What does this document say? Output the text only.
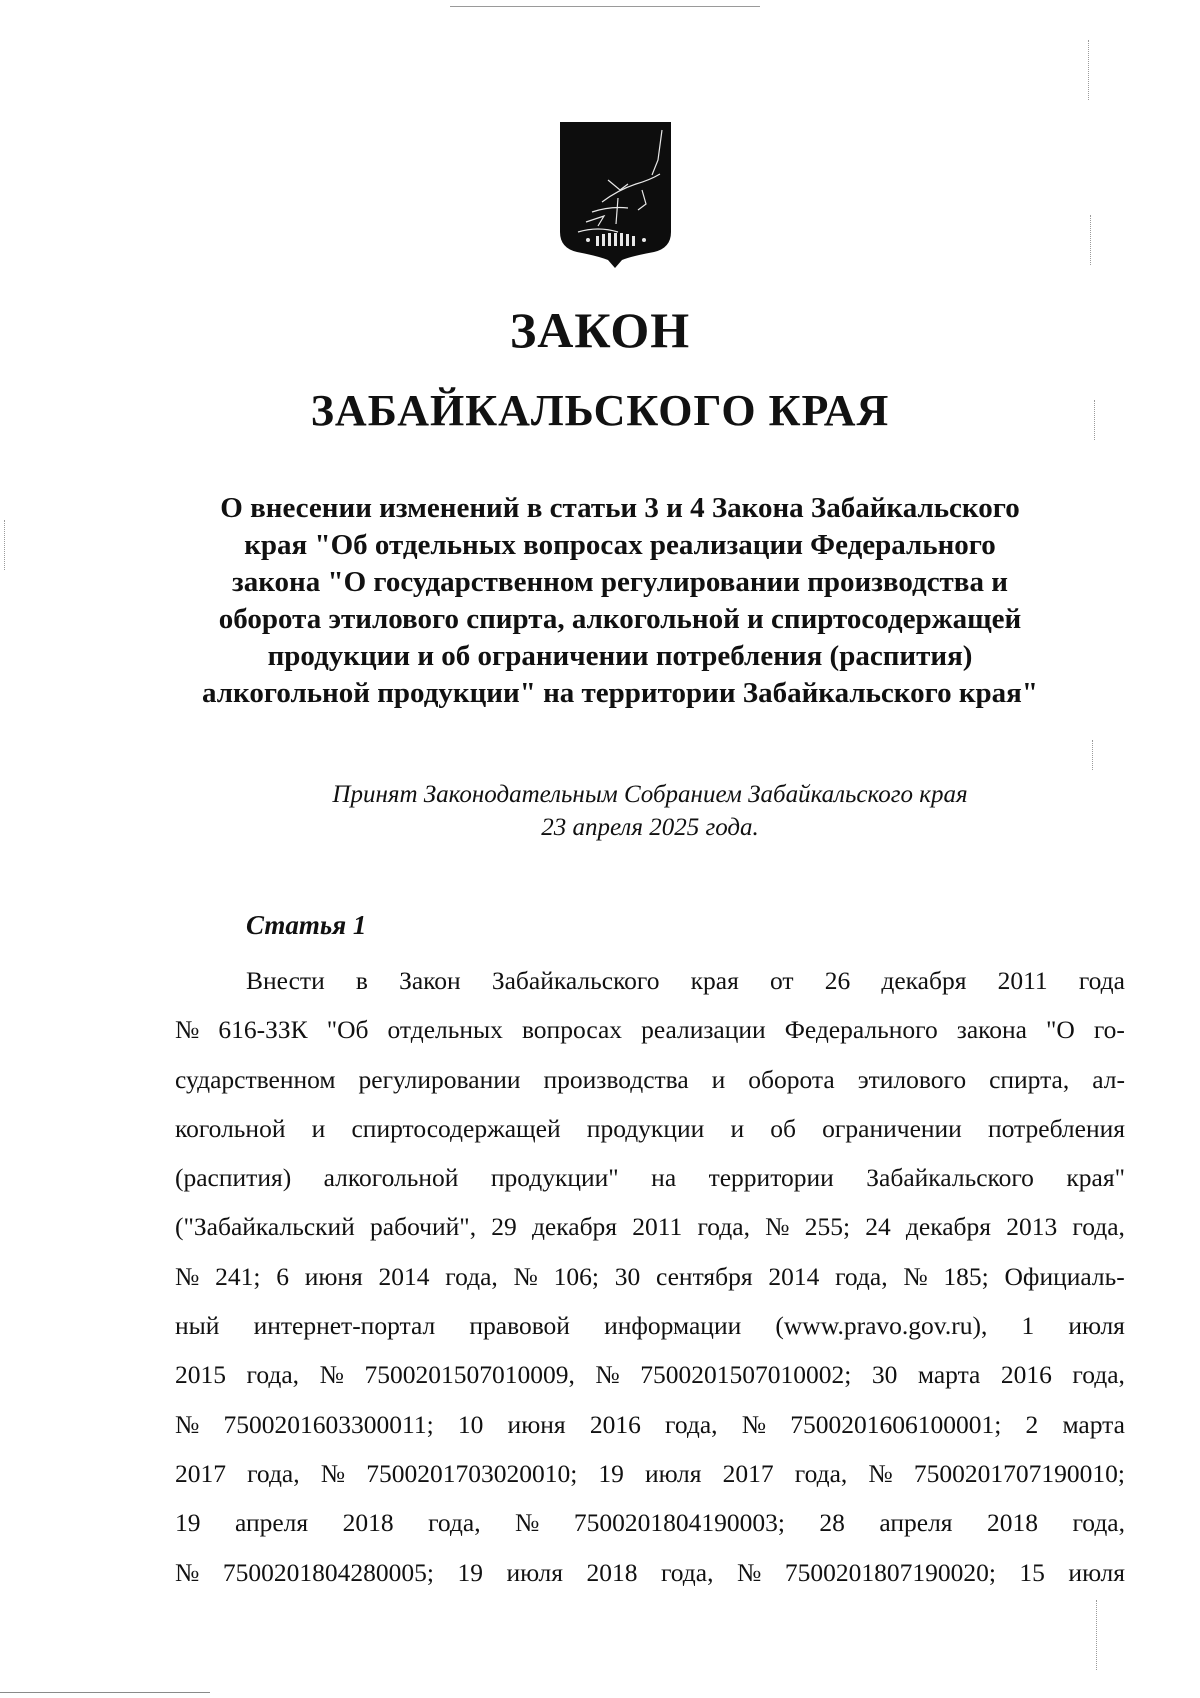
ЗАКОН
ЗАБАЙКАЛЬСКОГО КРАЯ
О внесении изменений в статьи 3 и 4 Закона Забайкальского
края "Об отдельных вопросах реализации Федерального
закона "О государственном регулировании производства и
оборота этилового спирта, алкогольной и спиртосодержащей
продукции и об ограничении потребления (распития)
алкогольной продукции" на территории Забайкальского края"
Принят Законодательным Собранием Забайкальского края
23 апреля 2025 года.
Статья 1
Внести в Закон Забайкальского края от 26 декабря 2011 года
№ 616-ЗЗК "Об отдельных вопросах реализации Федерального закона "О го-
сударственном регулировании производства и оборота этилового спирта, ал-
когольной и спиртосодержащей продукции и об ограничении потребления
(распития) алкогольной продукции" на территории Забайкальского края"
("Забайкальский рабочий", 29 декабря 2011 года, № 255; 24 декабря 2013 года,
№ 241; 6 июня 2014 года, № 106; 30 сентября 2014 года, № 185; Официаль-
ный интернет-портал правовой информации (www.pravo.gov.ru), 1 июля
2015 года, № 7500201507010009, № 7500201507010002; 30 марта 2016 года,
№ 7500201603300011; 10 июня 2016 года, № 7500201606100001; 2 марта
2017 года, № 7500201703020010; 19 июля 2017 года, № 7500201707190010;
19 апреля 2018 года, № 7500201804190003; 28 апреля 2018 года,
№ 7500201804280005; 19 июля 2018 года, № 7500201807190020; 15 июля
